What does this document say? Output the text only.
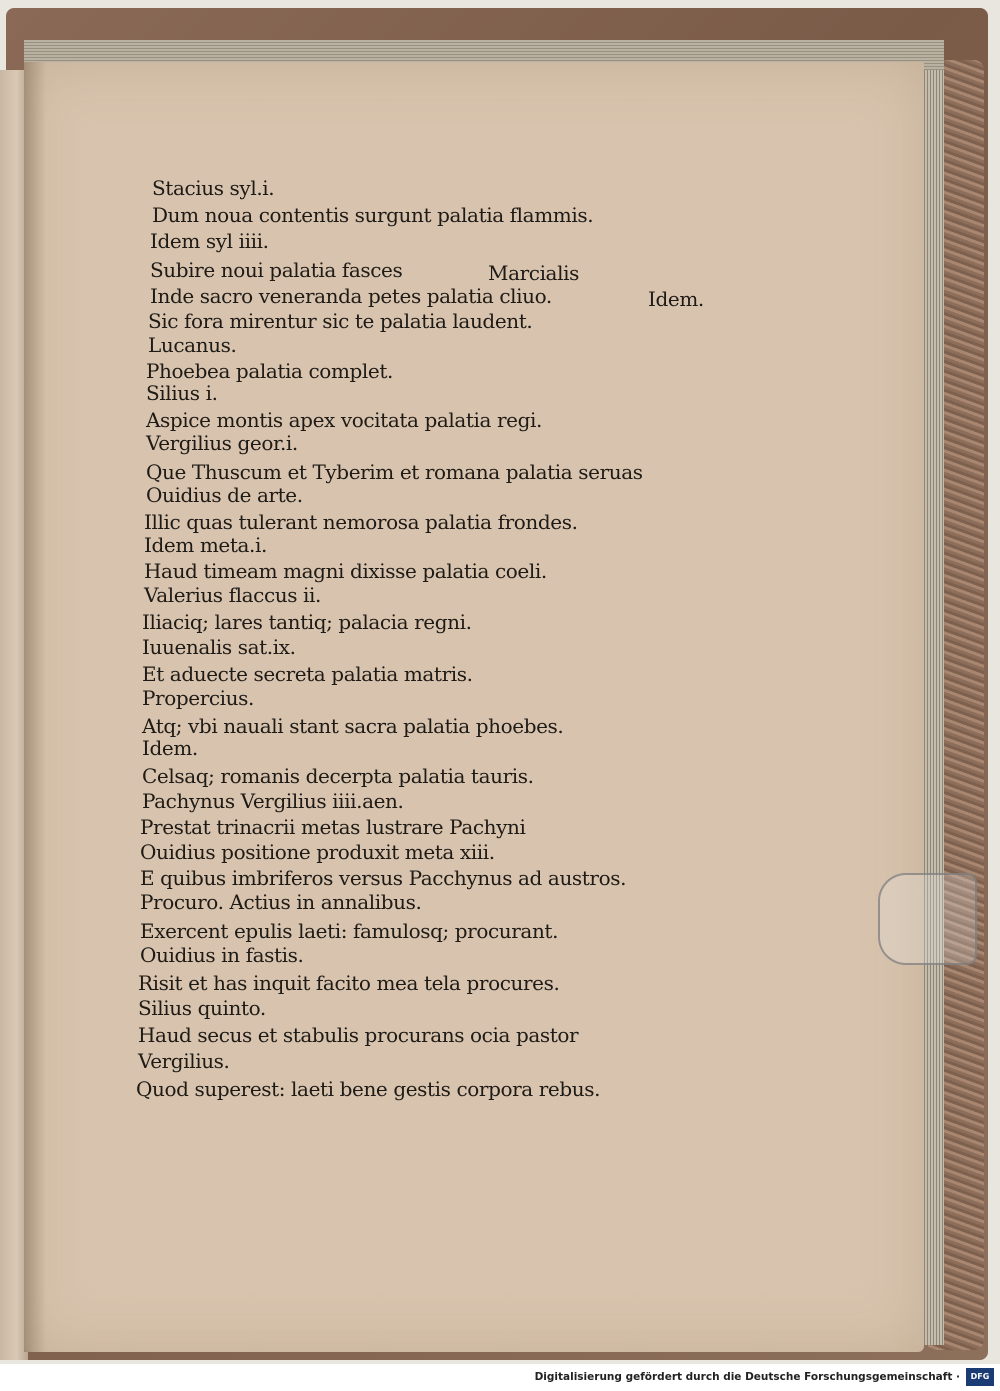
Stacius syl.i.
Dum noua contentis surgunt palatia flammis.
Idem syl iiii.
Subire noui palatia fasces	Marcialis
Inde sacro veneranda petes palatia cliuo.	Idem.
Sic fora mirentur sic te palatia laudent.
Lucanus.
Phoebea palatia complet.
Silius i.
Aspice montis apex vocitata palatia regi.
Vergilius geor.i.
Que Thuscum et Tyberim et romana palatia seruas
Ouidius de arte.
Illic quas tulerant nemorosa palatia frondes.
Idem meta.i.
Haud timeam magni dixisse palatia coeli.
Valerius flaccus ii.
Iliaciq; lares tantiq; palacia regni.
Iuuenalis sat.ix.
Et aduecte secreta palatia matris.
Propercius.
Atq; vbi nauali stant sacra palatia phoebes.
Idem.
Celsaq; romanis decerpta palatia tauris.
Pachynus Vergilius iiii.aen.
Prestat trinacrii metas lustrare Pachyni
Ouidius positione produxit meta xiii.
E quibus imbriferos versus Pacchynus ad austros.
Procuro. Actius in annalibus.
Exercent epulis laeti: famulosq; procurant.
Ouidius in fastis.
Risit et has inquit facito mea tela procures.
Silius quinto.
Haud secus et stabulis procurans ocia pastor
Vergilius.
Quod superest: laeti bene gestis corpora rebus.
Digitalisierung gefördert durch die Deutsche Forschungsgemeinschaft ·	DFG
